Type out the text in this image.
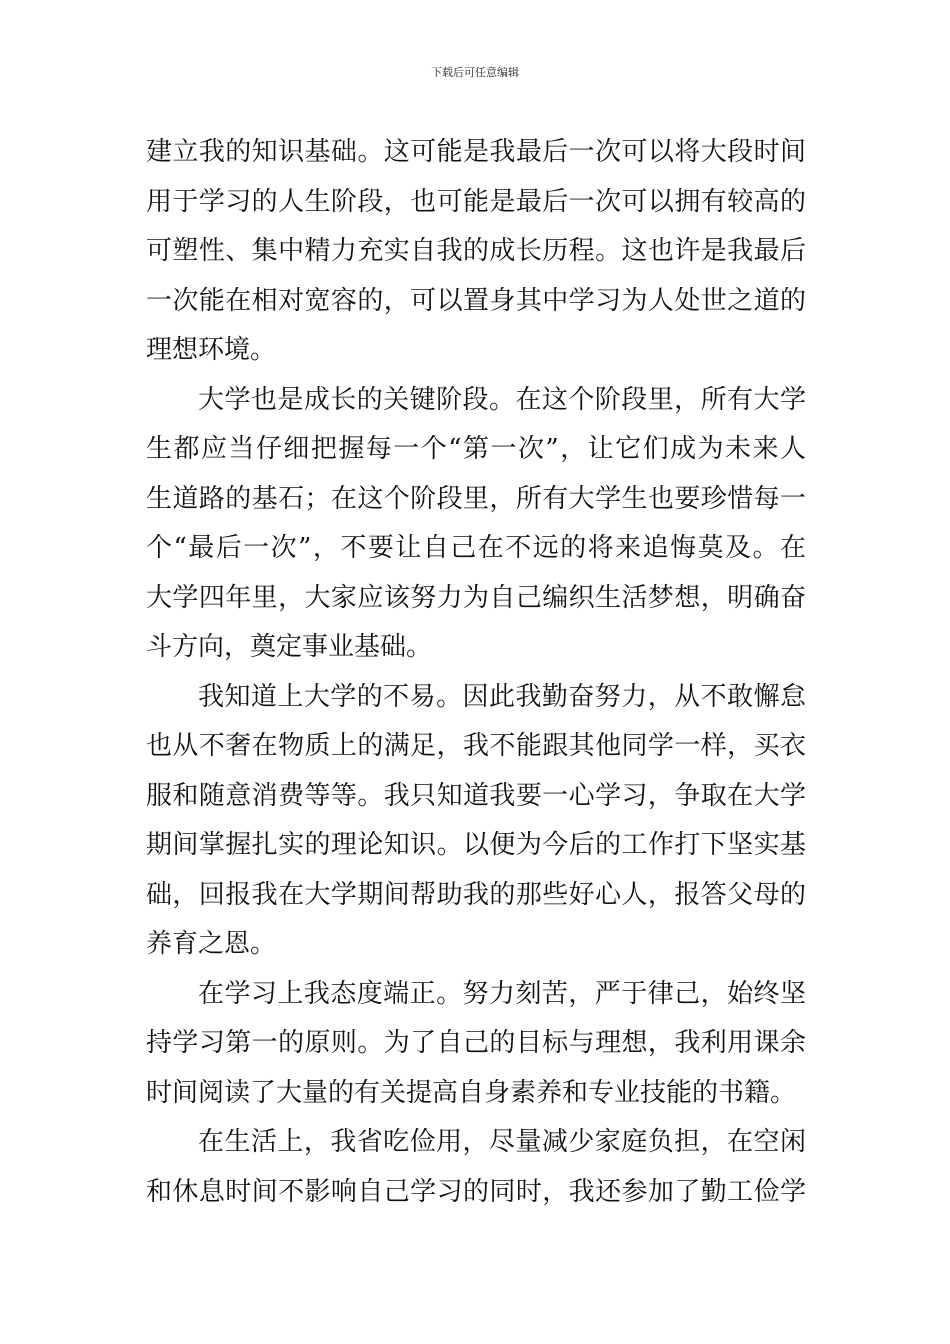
下载后可任意编辑
建立我的知识基础。这可能是我最后一次可以将大段时间
用于学习的人生阶段，也可能是最后一次可以拥有较高的
可塑性、集中精力充实自我的成长历程。这也许是我最后
一次能在相对宽容的，可以置身其中学习为人处世之道的
理想环境。
大学也是成长的关键阶段。在这个阶段里，所有大学
生都应当仔细把握每一个“第一次”，让它们成为未来人
生道路的基石；在这个阶段里，所有大学生也要珍惜每一
个“最后一次”，不要让自己在不远的将来追悔莫及。在
大学四年里，大家应该努力为自己编织生活梦想，明确奋
斗方向，奠定事业基础。
我知道上大学的不易。因此我勤奋努力，从不敢懈怠
也从不奢在物质上的满足，我不能跟其他同学一样，买衣
服和随意消费等等。我只知道我要一心学习，争取在大学
期间掌握扎实的理论知识。以便为今后的工作打下坚实基
础，回报我在大学期间帮助我的那些好心人，报答父母的
养育之恩。
在学习上我态度端正。努力刻苦，严于律己，始终坚
持学习第一的原则。为了自己的目标与理想，我利用课余
时间阅读了大量的有关提高自身素养和专业技能的书籍。
在生活上，我省吃俭用，尽量减少家庭负担，在空闲
和休息时间不影响自己学习的同时，我还参加了勤工俭学
